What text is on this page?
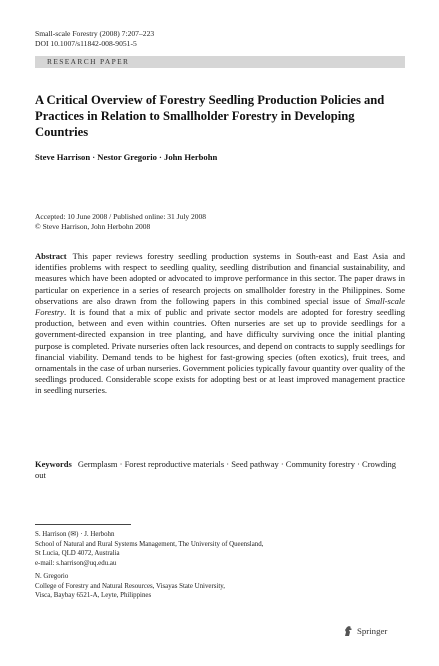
Small-scale Forestry (2008) 7:207–223
DOI 10.1007/s11842-008-9051-5
RESEARCH PAPER
A Critical Overview of Forestry Seedling Production Policies and Practices in Relation to Smallholder Forestry in Developing Countries
Steve Harrison · Nestor Gregorio · John Herbohn
Accepted: 10 June 2008 / Published online: 31 July 2008
© Steve Harrison, John Herbohn 2008
Abstract This paper reviews forestry seedling production systems in South-east and East Asia and identifies problems with respect to seedling quality, seedling distribution and financial sustainability, and measures which have been adopted or advocated to improve performance in this sector. The paper draws in particular on experience in a series of research projects on smallholder forestry in the Philippines. Some observations are also drawn from the following papers in this combined special issue of Small-scale Forestry. It is found that a mix of public and private sector models are adopted for forestry seedling production, between and even within countries. Often nurseries are set up to provide seedlings for a government-directed expansion in tree planting, and have difficulty surviving once the initial planting purpose is completed. Private nurseries often lack resources, and depend on contracts to supply seedlings for financial viability. Demand tends to be highest for fast-growing species (often exotics), fruit trees, and ornamentals in the case of urban nurseries. Government policies typically favour quantity over quality of the seedlings produced. Considerable scope exists for adopting best or at least improved management practice in seedling nurseries.
Keywords Germplasm · Forest reproductive materials · Seed pathway · Community forestry · Crowding out
S. Harrison (✉) · J. Herbohn
School of Natural and Rural Systems Management, The University of Queensland,
St Lucia, QLD 4072, Australia
e-mail: s.harrison@uq.edu.au
N. Gregorio
College of Forestry and Natural Resources, Visayas State University,
Visca, Baybay 6521-A, Leyte, Philippines
Springer
